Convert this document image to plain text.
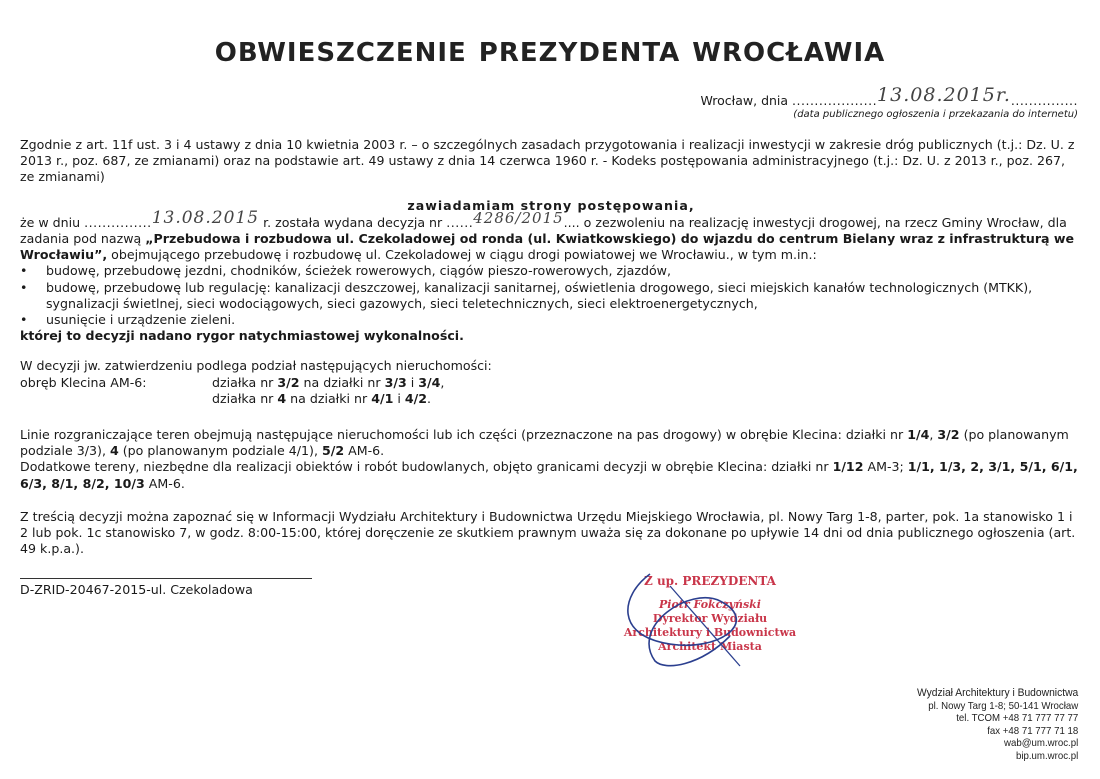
OBWIESZCZENIE PREZYDENTA WROCŁAWIA
Wrocław, dnia ...................13.08.2015r................
(data publicznego ogłoszenia i przekazania do internetu)

Zgodnie z art. 11f ust. 3 i 4 ustawy z dnia 10 kwietnia 2003 r. – o szczególnych zasadach przygotowania i realizacji inwestycji w zakresie dróg publicznych (t.j.: Dz. U. z 2013 r., poz. 687, ze zmianami) oraz na podstawie art. 49 ustawy z dnia 14 czerwca 1960 r. - Kodeks postępowania administracyjnego (t.j.: Dz. U. z 2013 r., poz. 267, ze zmianami)

zawiadamiam strony postępowania,

że w dniu ...............13.08.2015 r. została wydana decyzja nr ......4286/2015.... o zezwoleniu na realizację inwestycji drogowej, na rzecz Gminy Wrocław, dla zadania pod nazwą „Przebudowa i rozbudowa ul. Czekoladowej od ronda (ul. Kwiatkowskiego) do wjazdu do centrum Bielany wraz z infrastrukturą we Wrocławiu”, obejmującego przebudowę i rozbudowę ul. Czekoladowej w ciągu drogi powiatowej we Wrocławiu., w tym m.in.:

•	budowę, przebudowę jezdni, chodników, ścieżek rowerowych, ciągów pieszo-rowerowych, zjazdów,
•	budowę, przebudowę lub regulację: kanalizacji deszczowej, kanalizacji sanitarnej, oświetlenia drogowego, sieci miejskich kanałów technologicznych (MTKK), sygnalizacji świetlnej, sieci wodociągowych, sieci gazowych, sieci teletechnicznych, sieci elektroenergetycznych,
•	usunięcie i urządzenie zieleni.

której to decyzji nadano rygor natychmiastowej wykonalności.

W decyzji jw. zatwierdzeniu podlega podział następujących nieruchomości:

obręb Klecina AM-6:	działka nr 3/2 na działki nr 3/3 i 3/4,
działka nr 4 na działki nr 4/1 i 4/2.

Linie rozgraniczające teren obejmują następujące nieruchomości lub ich części (przeznaczone na pas drogowy) w obrębie Klecina: działki nr 1/4, 3/2 (po planowanym podziale 3/3), 4 (po planowanym podziale 4/1), 5/2 AM-6.

Dodatkowe tereny, niezbędne dla realizacji obiektów i robót budowlanych, objęto granicami decyzji w obrębie Klecina: działki nr 1/12 AM-3; 1/1, 1/3, 2, 3/1, 5/1, 6/1, 6/3, 8/1, 8/2, 10/3 AM-6.

Z treścią decyzji można zapoznać się w Informacji Wydziału Architektury i Budownictwa Urzędu Miejskiego Wrocławia, pl. Nowy Targ 1-8, parter, pok. 1a stanowisko 1 i 2 lub pok. 1c stanowisko 7, w godz. 8:00-15:00, której doręczenie ze skutkiem prawnym uważa się za dokonane po upływie 14 dni od dnia publicznego ogłoszenia (art. 49 k.p.a.).

D-ZRID-20467-2015-ul. Czekoladowa
Z up. PREZYDENTA
Piotr Fokczyński
Dyrektor Wydziału
Architektury i Budownictwa
Architekt Miasta
Wydział Architektury i Budownictwa
pl. Nowy Targ 1-8; 50-141 Wrocław
tel. TCOM +48 71 777 77 77
fax +48 71 777 71 18
wab@um.wroc.pl
bip.um.wroc.pl
